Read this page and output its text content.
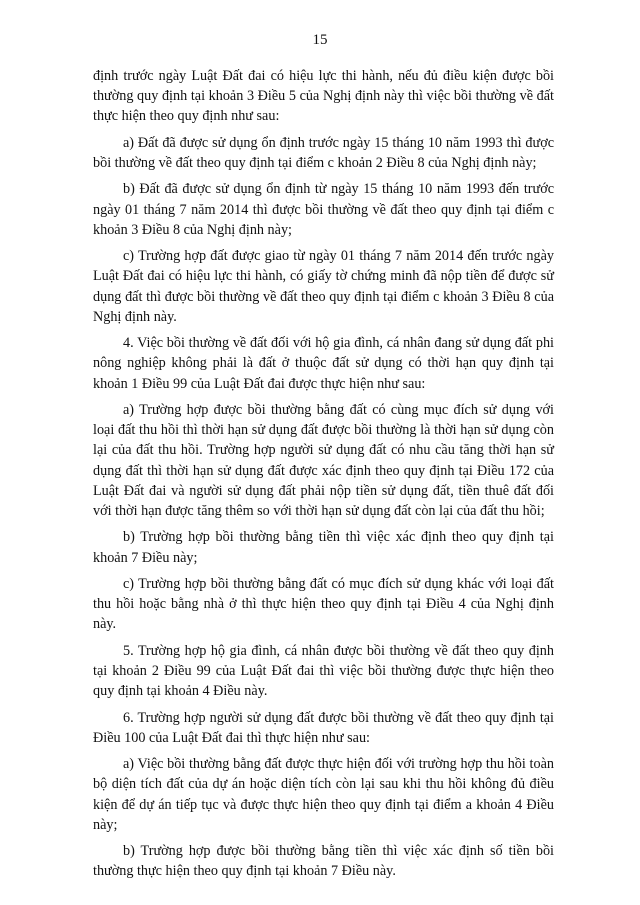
15

định trước ngày Luật Đất đai có hiệu lực thi hành, nếu đủ điều kiện được bồi thường quy định tại khoản 3 Điều 5 của Nghị định này thì việc bồi thường về đất thực hiện theo quy định như sau:

a) Đất đã được sử dụng ổn định trước ngày 15 tháng 10 năm 1993 thì được bồi thường về đất theo quy định tại điểm c khoản 2 Điều 8 của Nghị định này;

b) Đất đã được sử dụng ổn định từ ngày 15 tháng 10 năm 1993 đến trước ngày 01 tháng 7 năm 2014 thì được bồi thường về đất theo quy định tại điểm c khoản 3 Điều 8 của Nghị định này;

c) Trường hợp đất được giao từ ngày 01 tháng 7 năm 2014 đến trước ngày Luật Đất đai có hiệu lực thi hành, có giấy tờ chứng minh đã nộp tiền để được sử dụng đất thì được bồi thường về đất theo quy định tại điểm c khoản 3 Điều 8 của Nghị định này.

4. Việc bồi thường về đất đối với hộ gia đình, cá nhân đang sử dụng đất phi nông nghiệp không phải là đất ở thuộc đất sử dụng có thời hạn quy định tại khoản 1 Điều 99 của Luật Đất đai được thực hiện như sau:

a) Trường hợp được bồi thường bằng đất có cùng mục đích sử dụng với loại đất thu hồi thì thời hạn sử dụng đất được bồi thường là thời hạn sử dụng còn lại của đất thu hồi. Trường hợp người sử dụng đất có nhu cầu tăng thời hạn sử dụng đất thì thời hạn sử dụng đất được xác định theo quy định tại Điều 172 của Luật Đất đai và người sử dụng đất phải nộp tiền sử dụng đất, tiền thuê đất đối với thời hạn được tăng thêm so với thời hạn sử dụng đất còn lại của đất thu hồi;

b) Trường hợp bồi thường bằng tiền thì việc xác định theo quy định tại khoản 7 Điều này;

c) Trường hợp bồi thường bằng đất có mục đích sử dụng khác với loại đất thu hồi hoặc bằng nhà ở thì thực hiện theo quy định tại Điều 4 của Nghị định này.

5. Trường hợp hộ gia đình, cá nhân được bồi thường về đất theo quy định tại khoản 2 Điều 99 của Luật Đất đai thì việc bồi thường được thực hiện theo quy định tại khoản 4 Điều này.

6. Trường hợp người sử dụng đất được bồi thường về đất theo quy định tại Điều 100 của Luật Đất đai thì thực hiện như sau:

a) Việc bồi thường bằng đất được thực hiện đối với trường hợp thu hồi toàn bộ diện tích đất của dự án hoặc diện tích còn lại sau khi thu hồi không đủ điều kiện để dự án tiếp tục và được thực hiện theo quy định tại điểm a khoản 4 Điều này;

b) Trường hợp được bồi thường bằng tiền thì việc xác định số tiền bồi thường thực hiện theo quy định tại khoản 7 Điều này.
